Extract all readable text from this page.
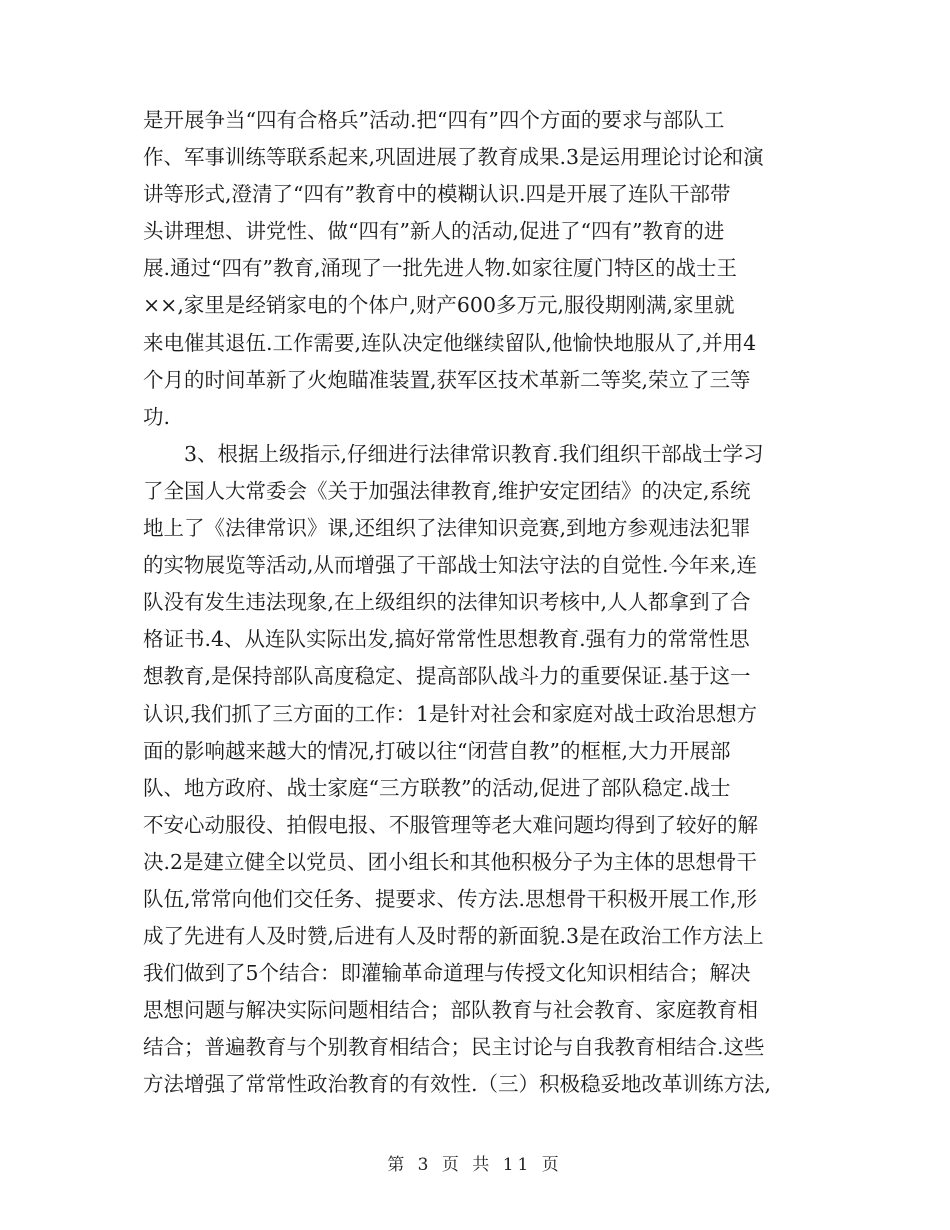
是开展争当“四有合格兵”活动.把“四有”四个方面的要求与部队工
作、军事训练等联系起来,巩固进展了教育成果.3是运用理论讨论和演
讲等形式,澄清了“四有”教育中的模糊认识.四是开展了连队干部带
头讲理想、讲党性、做“四有”新人的活动,促进了“四有”教育的进
展.通过“四有”教育,涌现了一批先进人物.如家往厦门特区的战士王
××,家里是经销家电的个体户,财产600多万元,服役期刚满,家里就
来电催其退伍.工作需要,连队决定他继续留队,他愉快地服从了,并用4
个月的时间革新了火炮瞄准装置,获军区技术革新二等奖,荣立了三等
功.
　　3、根据上级指示,仔细进行法律常识教育.我们组织干部战士学习
了全国人大常委会《关于加强法律教育,维护安定团结》的决定,系统
地上了《法律常识》课,还组织了法律知识竞赛,到地方参观违法犯罪
的实物展览等活动,从而增强了干部战士知法守法的自觉性.今年来,连
队没有发生违法现象,在上级组织的法律知识考核中,人人都拿到了合
格证书.4、从连队实际出发,搞好常常性思想教育.强有力的常常性思
想教育,是保持部队高度稳定、提高部队战斗力的重要保证.基于这一
认识,我们抓了三方面的工作：1是针对社会和家庭对战士政治思想方
面的影响越来越大的情况,打破以往“闭营自教”的框框,大力开展部
队、地方政府、战士家庭“三方联教”的活动,促进了部队稳定.战士
不安心动服役、拍假电报、不服管理等老大难问题均得到了较好的解
决.2是建立健全以党员、团小组长和其他积极分子为主体的思想骨干
队伍,常常向他们交任务、提要求、传方法.思想骨干积极开展工作,形
成了先进有人及时赞,后进有人及时帮的新面貌.3是在政治工作方法上
我们做到了5个结合：即灌输革命道理与传授文化知识相结合；解决
思想问题与解决实际问题相结合；部队教育与社会教育、家庭教育相
结合；普遍教育与个别教育相结合；民主讨论与自我教育相结合.这些
方法增强了常常性政治教育的有效性.（三）积极稳妥地改革训练方法,
第 3 页 共 11 页
